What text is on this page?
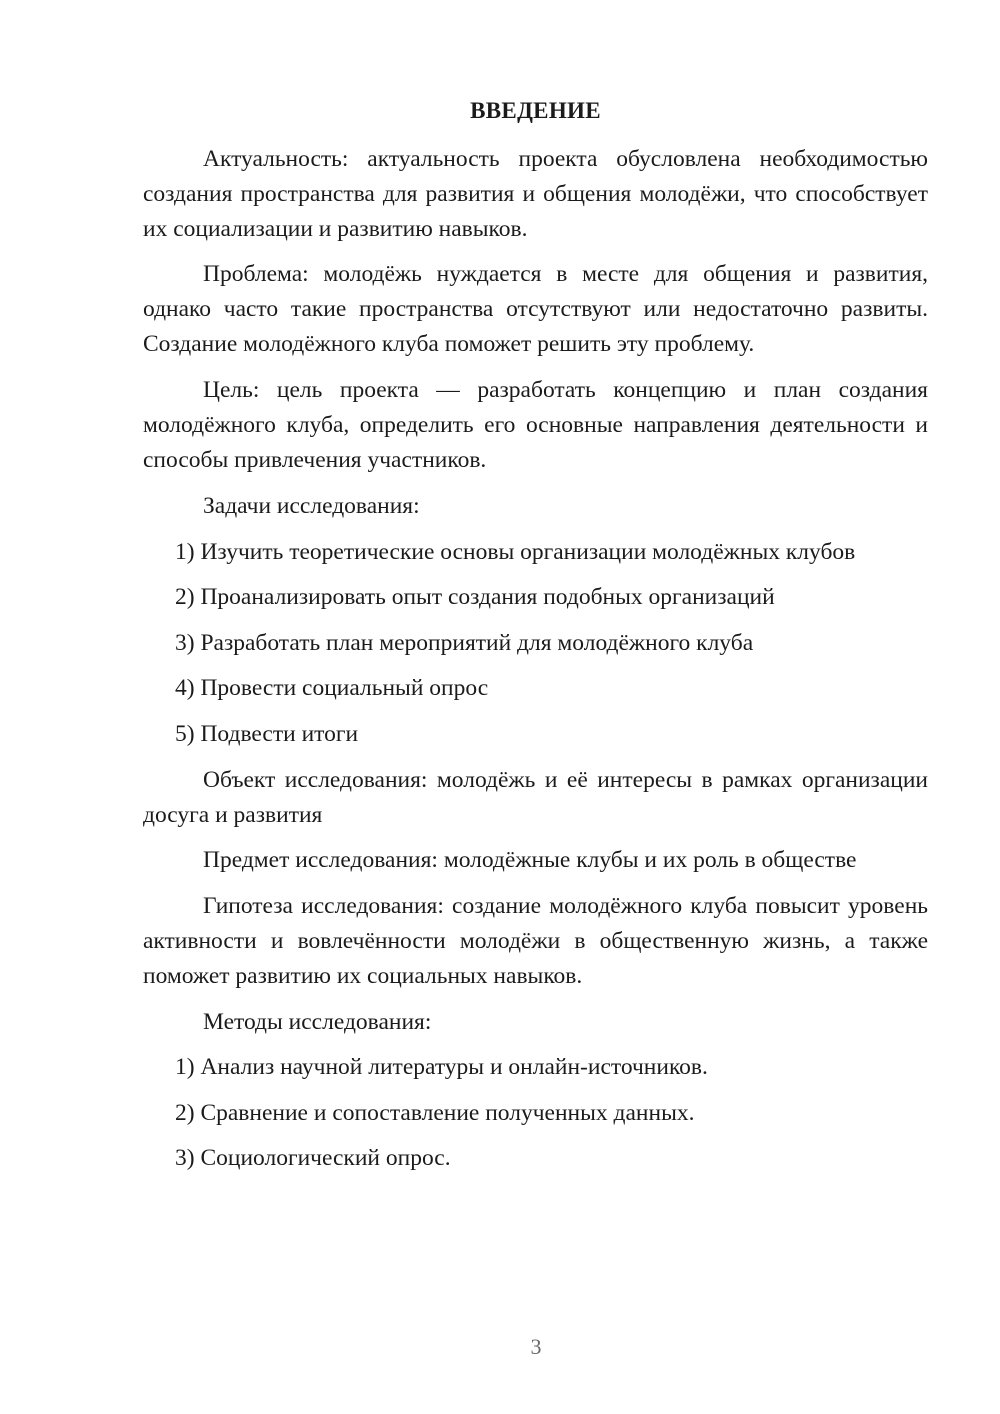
ВВЕДЕНИЕ

Актуальность: актуальность проекта обусловлена необходимостью создания пространства для развития и общения молодёжи, что способствует их социализации и развитию навыков.

Проблема: молодёжь нуждается в месте для общения и развития, однако часто такие пространства отсутствуют или недостаточно развиты. Создание молодёжного клуба поможет решить эту проблему.

Цель: цель проекта — разработать концепцию и план создания молодёжного клуба, определить его основные направления деятельности и способы привлечения участников.

Задачи исследования:

1) Изучить теоретические основы организации молодёжных клубов

2) Проанализировать опыт создания подобных организаций

3) Разработать план мероприятий для молодёжного клуба

4) Провести социальный опрос

5) Подвести итоги

Объект исследования: молодёжь и её интересы в рамках организации досуга и развития

Предмет исследования: молодёжные клубы и их роль в обществе

Гипотеза исследования: создание молодёжного клуба повысит уровень активности и вовлечённости молодёжи в общественную жизнь, а также поможет развитию их социальных навыков.

Методы исследования:

1) Анализ научной литературы и онлайн-источников.

2) Сравнение и сопоставление полученных данных.

3) Социологический опрос.

3
